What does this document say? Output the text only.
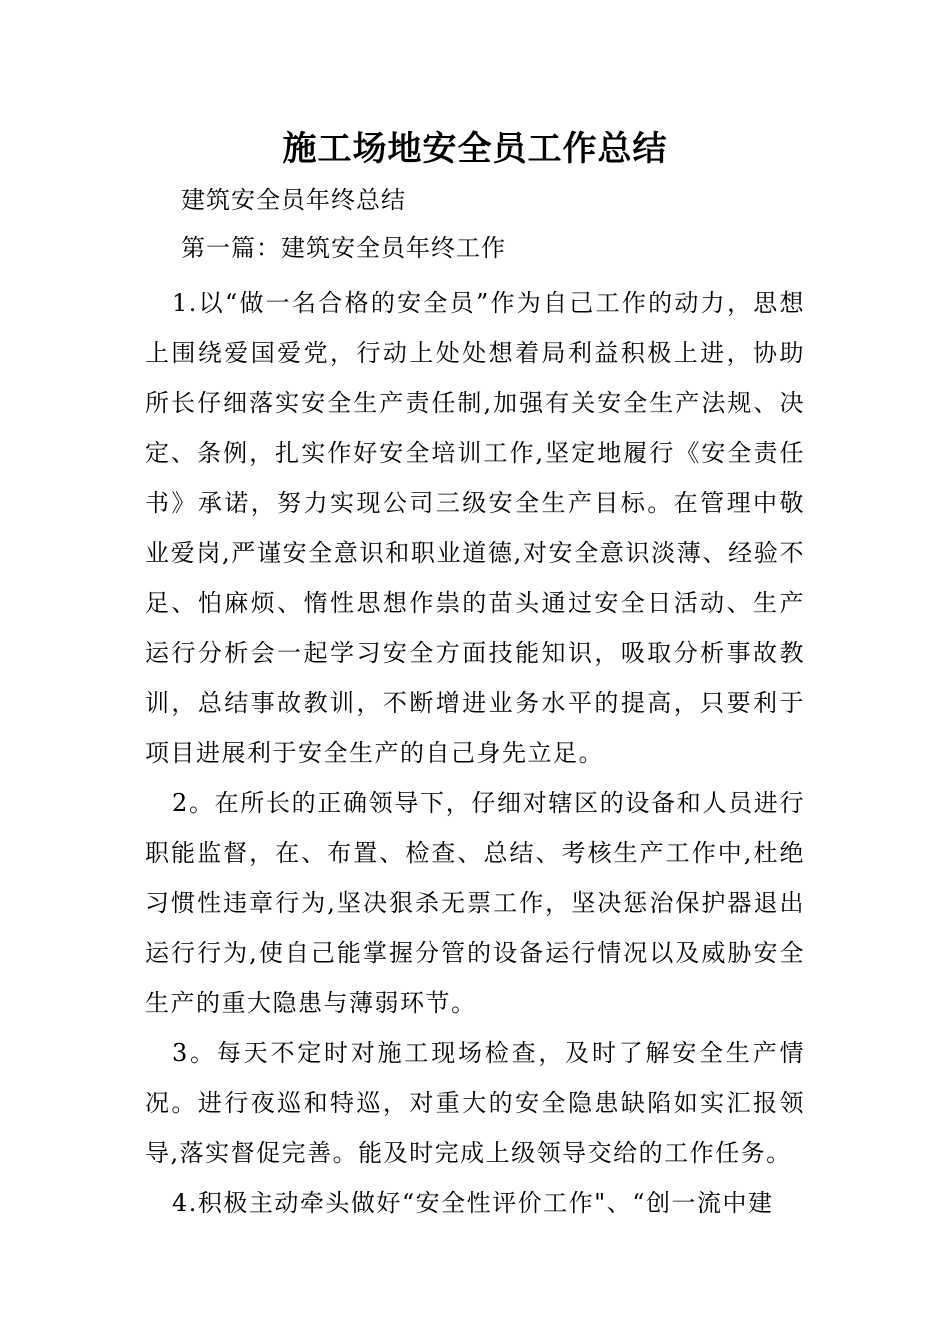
施工场地安全员工作总结

建筑安全员年终总结

第一篇：建筑安全员年终工作

1.以“做一名合格的安全员”作为自己工作的动力，思想上围绕爱国爱党，行动上处处想着局利益积极上进，协助所长仔细落实安全生产责任制,加强有关安全生产法规、决定、条例，扎实作好安全培训工作,坚定地履行《安全责任书》承诺，努力实现公司三级安全生产目标。在管理中敬业爱岗,严谨安全意识和职业道德,对安全意识淡薄、经验不足、怕麻烦、惰性思想作祟的苗头通过安全日活动、生产运行分析会一起学习安全方面技能知识，吸取分析事故教训，总结事故教训，不断增进业务水平的提高，只要利于项目进展利于安全生产的自己身先立足。

2。在所长的正确领导下，仔细对辖区的设备和人员进行职能监督，在、布置、检查、总结、考核生产工作中,杜绝习惯性违章行为,坚决狠杀无票工作，坚决惩治保护器退出运行行为,使自己能掌握分管的设备运行情况以及威胁安全生产的重大隐患与薄弱环节。

3。每天不定时对施工现场检查，及时了解安全生产情况。进行夜巡和特巡，对重大的安全隐患缺陷如实汇报领导,落实督促完善。能及时完成上级领导交给的工作任务。

4.积极主动牵头做好“安全性评价工作"、“创一流中建
